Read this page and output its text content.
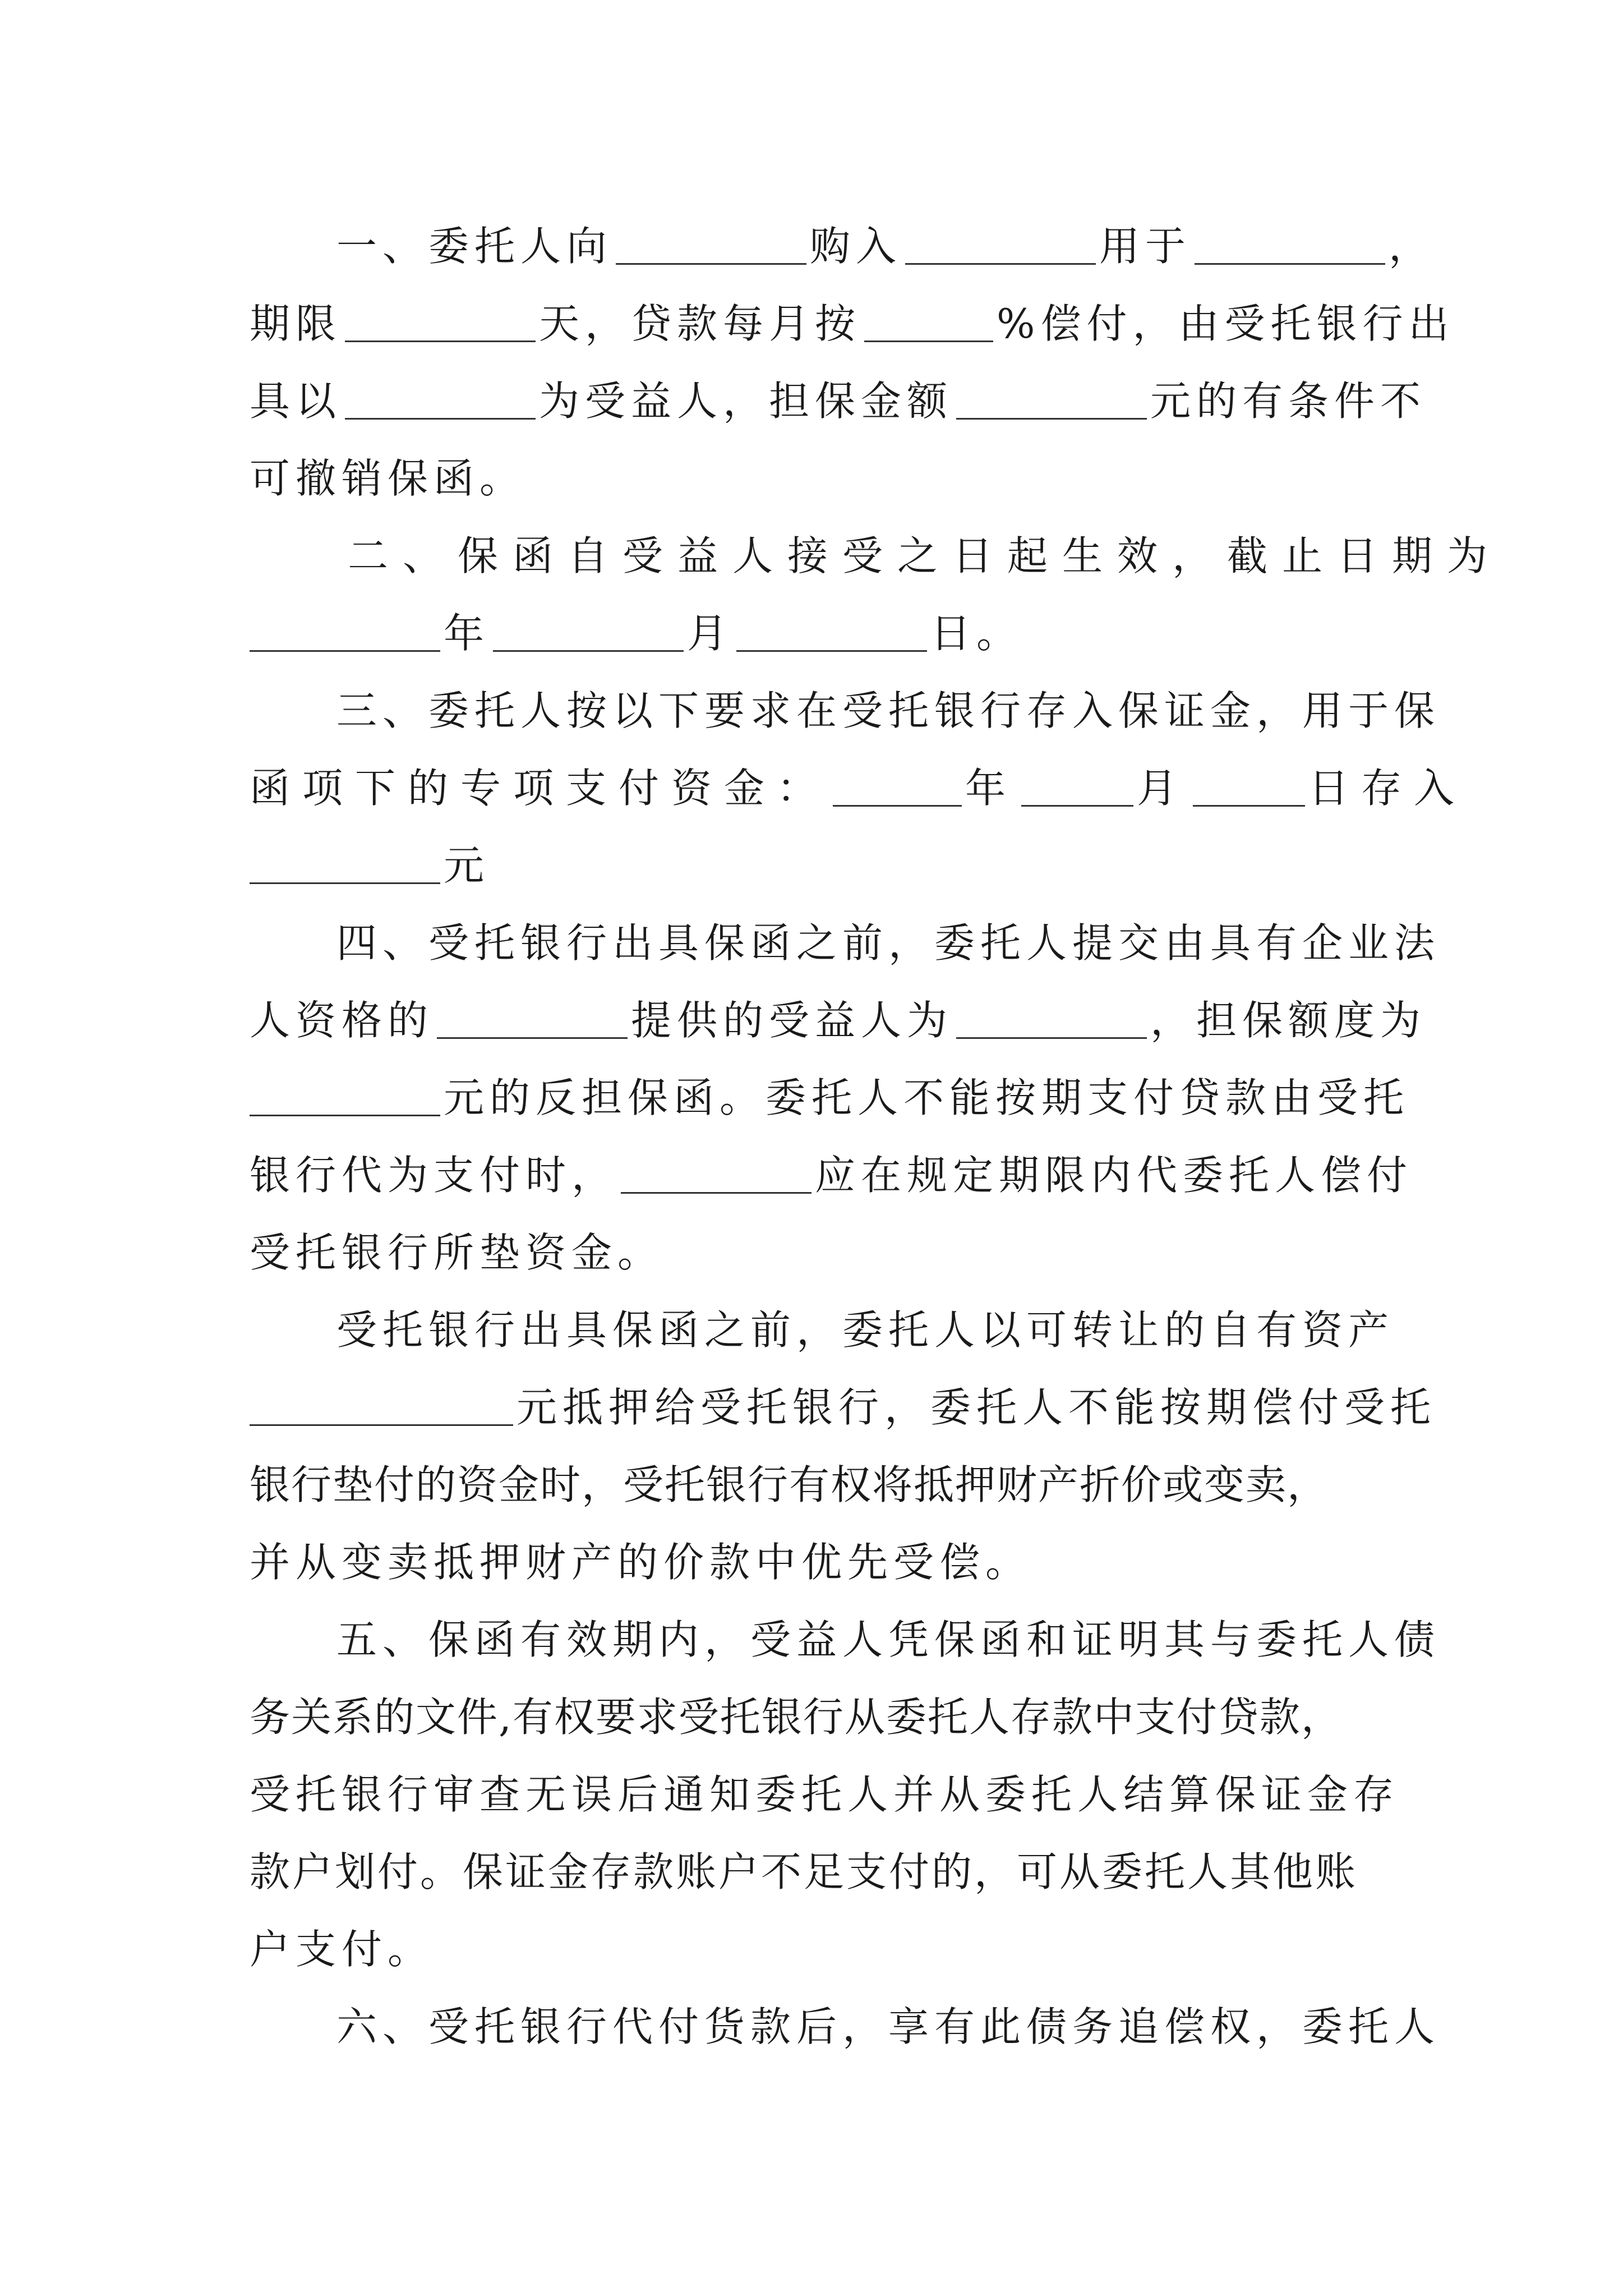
一、委托人向	购入	用于	，
期限	天，贷款每月按	%偿付，由受托银行出
具以	为受益人，担保金额	元的有条件不
可撤销保函。
二、保函自受益人接受之日起生效，截止日期为
年	月	日。
三、委托人按以下要求在受托银行存入保证金，用于保
函项下的专项支付资金：	年	月	日存入
元
四、受托银行出具保函之前，委托人提交由具有企业法
人资格的	提供的受益人为	，担保额度为
元的反担保函。委托人不能按期支付贷款由受托
银行代为支付时，	应在规定期限内代委托人偿付
受托银行所垫资金。
受托银行出具保函之前，委托人以可转让的自有资产
元抵押给受托银行，委托人不能按期偿付受托
银行垫付的资金时，受托银行有权将抵押财产折价或变卖，
并从变卖抵押财产的价款中优先受偿。
五、保函有效期内，受益人凭保函和证明其与委托人债
务关系的文件,有权要求受托银行从委托人存款中支付贷款，
受托银行审查无误后通知委托人并从委托人结算保证金存
款户划付。保证金存款账户不足支付的，可从委托人其他账
户支付。
六、受托银行代付货款后，享有此债务追偿权，委托人
